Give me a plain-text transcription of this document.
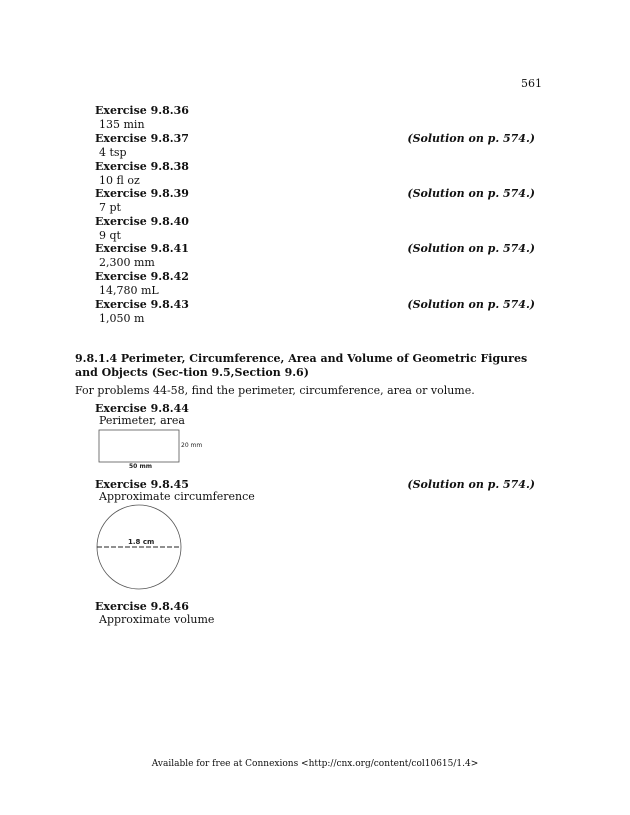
561
Exercise 9.8.36
135 min
Exercise 9.8.37
4 tsp
(Solution on p. 574.)
Exercise 9.8.38
10 fl oz
Exercise 9.8.39
7 pt
(Solution on p. 574.)
Exercise 9.8.40
9 qt
Exercise 9.8.41
2,300 mm
(Solution on p. 574.)
Exercise 9.8.42
14,780 mL
Exercise 9.8.43
1,050 m
(Solution on p. 574.)
9.8.1.4 Perimeter, Circumference, Area and Volume of Geometric Figures and Objects (Sec-tion 9.5,Section 9.6)
For problems 44-58, find the perimeter, circumference, area or volume.
Exercise 9.8.44
Perimeter, area
20 mm
50 mm
Exercise 9.8.45	(Solution on p. 574.)
Approximate circumference
1.8 cm
Exercise 9.8.46
Approximate volume
Available for free at Connexions <http://cnx.org/content/col10615/1.4>
